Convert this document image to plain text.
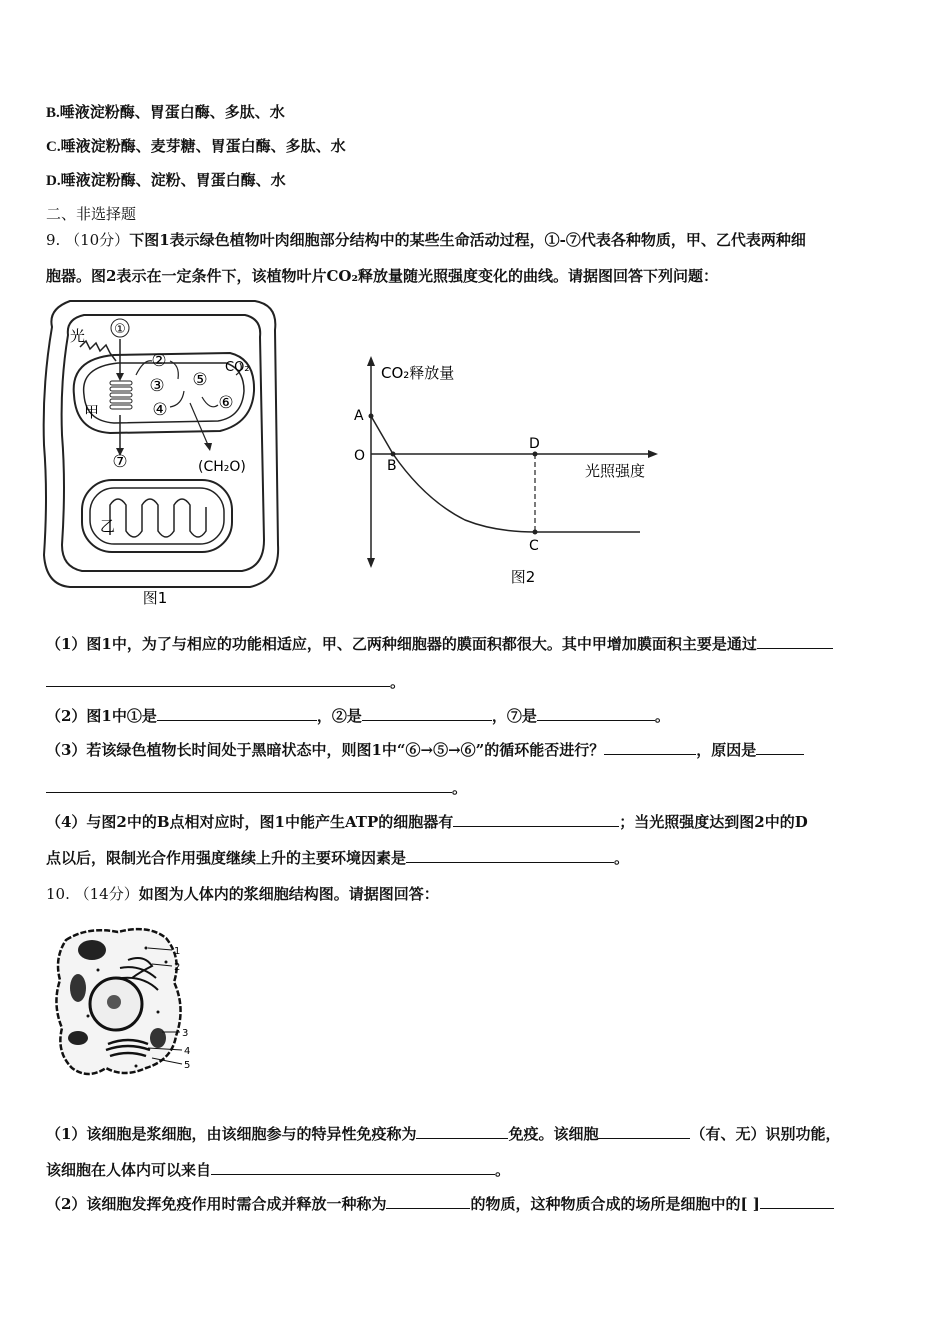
B.唾液淀粉酶、胃蛋白酶、多肽、水
C.唾液淀粉酶、麦芽糖、胃蛋白酶、多肽、水
D.唾液淀粉酶、淀粉、胃蛋白酶、水
二、非选择题
9. （10分）下图1表示绿色植物叶肉细胞部分结构中的某些生命活动过程，①-⑦代表各种物质，甲、乙代表两种细
胞器。图2表示在一定条件下，该植物叶片CO₂释放量随光照强度变化的曲线。请据图回答下列问题：
光 ①
②
③
④
⑤
⑥
CO₂
⑦
甲
(CH₂O)
乙
图1
CO₂释放量
光照强度
A
O
B
D
C
图2
（1）图1中，为了与相应的功能相适应，甲、乙两种细胞器的膜面积都很大。其中甲增加膜面积主要是通过
。
（2）图1中①是	，②是	，⑦是	。
（3）若该绿色植物长时间处于黑暗状态中，则图1中“⑥→⑤→⑥”的循环能否进行？	，原因是
。
（4）与图2中的B点相对应时，图1中能产生ATP的细胞器有	；当光照强度达到图2中的D
点以后，限制光合作用强度继续上升的主要环境因素是	。
10. （14分）如图为人体内的浆细胞结构图。请据图回答：
1
2
3
4
5
（1）该细胞是浆细胞，由该细胞参与的特异性免疫称为	免疫。该细胞	（有、无）识别功能，
该细胞在人体内可以来自	。
（2）该细胞发挥免疫作用时需合成并释放一种称为	的物质，这种物质合成的场所是细胞中的[ ]
